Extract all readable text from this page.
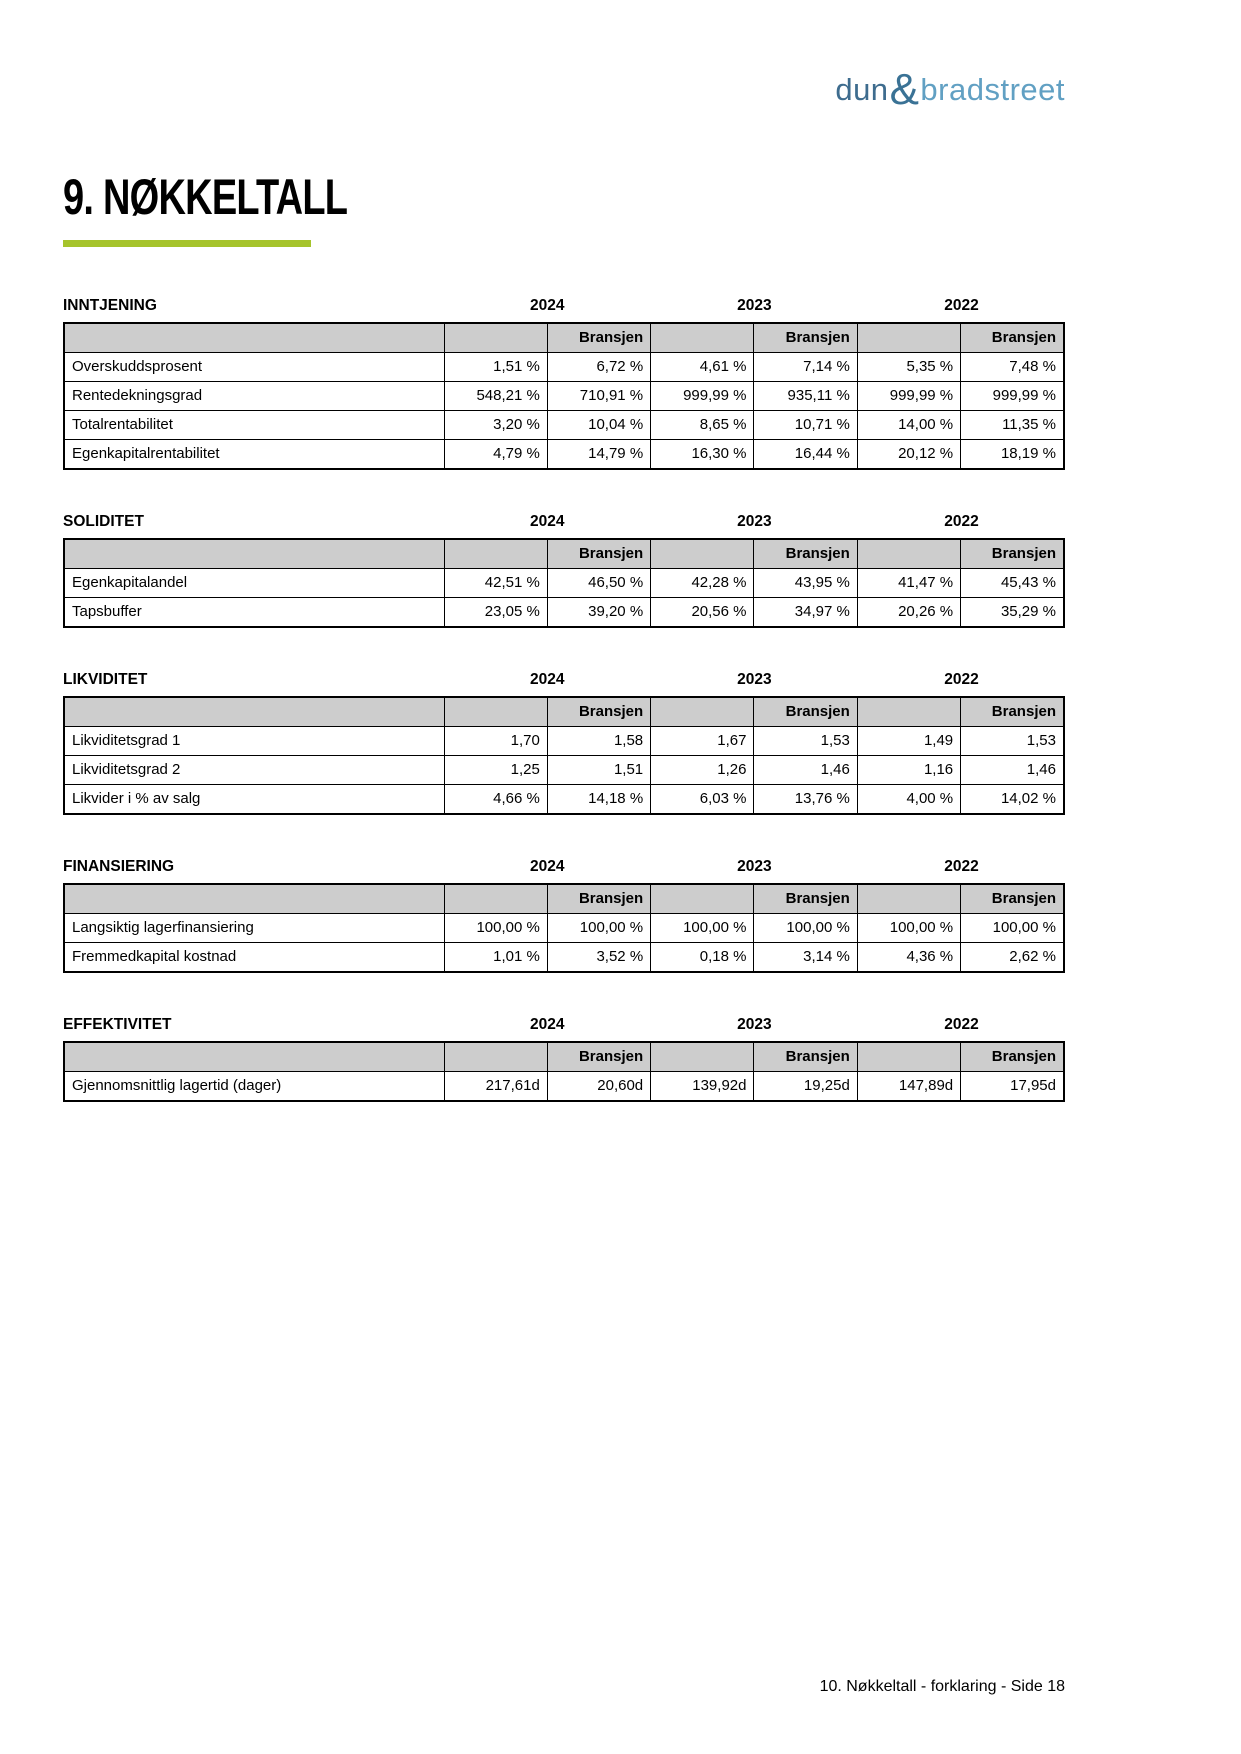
dun&bradstreet
9. NØKKELTALL
INNTJENING	2024	2023	2022
		Bransjen		Bransjen		Bransjen
Overskuddsprosent	1,51 %	6,72 %	4,61 %	7,14 %	5,35 %	7,48 %
Rentedekningsgrad	548,21 %	710,91 %	999,99 %	935,11 %	999,99 %	999,99 %
Totalrentabilitet	3,20 %	10,04 %	8,65 %	10,71 %	14,00 %	11,35 %
Egenkapitalrentabilitet	4,79 %	14,79 %	16,30 %	16,44 %	20,12 %	18,19 %
SOLIDITET	2024	2023	2022
		Bransjen		Bransjen		Bransjen
Egenkapitalandel	42,51 %	46,50 %	42,28 %	43,95 %	41,47 %	45,43 %
Tapsbuffer	23,05 %	39,20 %	20,56 %	34,97 %	20,26 %	35,29 %
LIKVIDITET	2024	2023	2022
		Bransjen		Bransjen		Bransjen
Likviditetsgrad 1	1,70	1,58	1,67	1,53	1,49	1,53
Likviditetsgrad 2	1,25	1,51	1,26	1,46	1,16	1,46
Likvider i % av salg	4,66 %	14,18 %	6,03 %	13,76 %	4,00 %	14,02 %
FINANSIERING	2024	2023	2022
		Bransjen		Bransjen		Bransjen
Langsiktig lagerfinansiering	100,00 %	100,00 %	100,00 %	100,00 %	100,00 %	100,00 %
Fremmedkapital kostnad	1,01 %	3,52 %	0,18 %	3,14 %	4,36 %	2,62 %
EFFEKTIVITET	2024	2023	2022
		Bransjen		Bransjen		Bransjen
Gjennomsnittlig lagertid (dager)	217,61d	20,60d	139,92d	19,25d	147,89d	17,95d
10. Nøkkeltall - forklaring - Side 18
